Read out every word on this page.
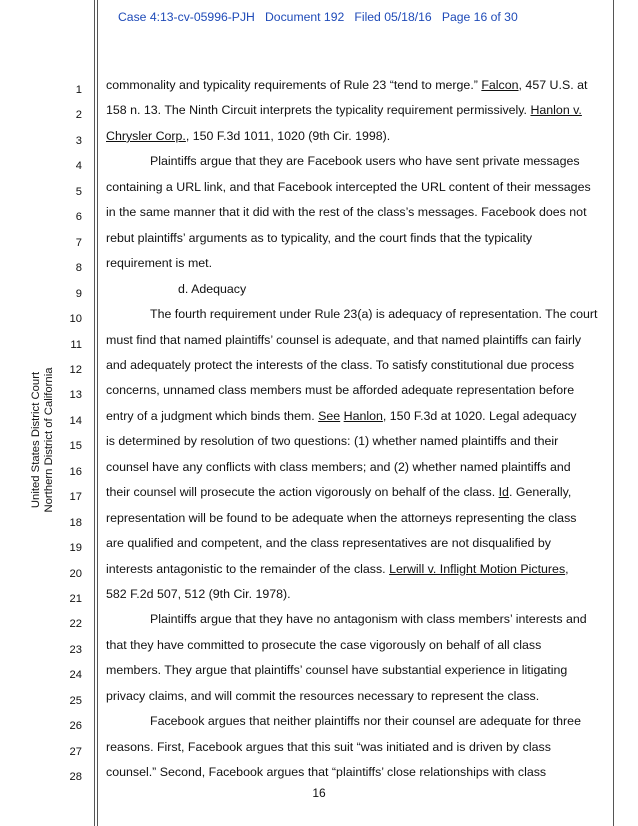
Case 4:13-cv-05996-PJH   Document 192   Filed 05/18/16   Page 16 of 30
United States District Court Northern District of California
1
2
3
4
5
6
7
8
9
10
11
12
13
14
15
16
17
18
19
20
21
22
23
24
25
26
27
28
commonality and typicality requirements of Rule 23 “tend to merge.” Falcon, 457 U.S. at
158 n. 13. The Ninth Circuit interprets the typicality requirement permissively. Hanlon v.
Chrysler Corp., 150 F.3d 1011, 1020 (9th Cir. 1998).
Plaintiffs argue that they are Facebook users who have sent private messages
containing a URL link, and that Facebook intercepted the URL content of their messages
in the same manner that it did with the rest of the class’s messages. Facebook does not
rebut plaintiffs’ arguments as to typicality, and the court finds that the typicality
requirement is met.
d. Adequacy
The fourth requirement under Rule 23(a) is adequacy of representation. The court
must find that named plaintiffs’ counsel is adequate, and that named plaintiffs can fairly
and adequately protect the interests of the class. To satisfy constitutional due process
concerns, unnamed class members must be afforded adequate representation before
entry of a judgment which binds them. See Hanlon, 150 F.3d at 1020. Legal adequacy
is determined by resolution of two questions: (1) whether named plaintiffs and their
counsel have any conflicts with class members; and (2) whether named plaintiffs and
their counsel will prosecute the action vigorously on behalf of the class. Id. Generally,
representation will be found to be adequate when the attorneys representing the class
are qualified and competent, and the class representatives are not disqualified by
interests antagonistic to the remainder of the class. Lerwill v. Inflight Motion Pictures,
582 F.2d 507, 512 (9th Cir. 1978).
Plaintiffs argue that they have no antagonism with class members’ interests and
that they have committed to prosecute the case vigorously on behalf of all class
members. They argue that plaintiffs’ counsel have substantial experience in litigating
privacy claims, and will commit the resources necessary to represent the class.
Facebook argues that neither plaintiffs nor their counsel are adequate for three
reasons. First, Facebook argues that this suit “was initiated and is driven by class
counsel.” Second, Facebook argues that “plaintiffs’ close relationships with class
16
